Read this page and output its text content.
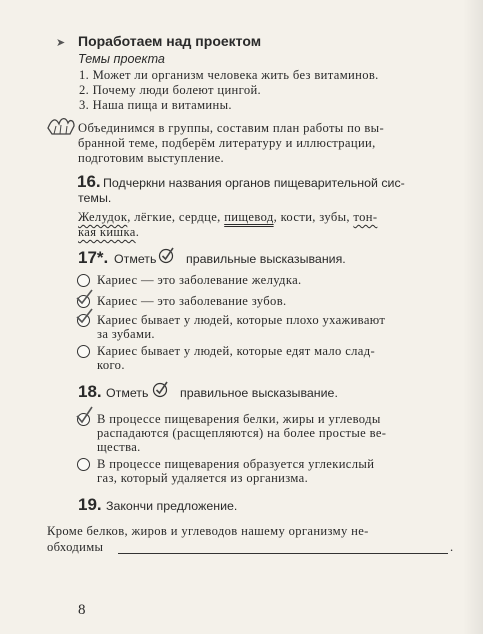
➤ Поработаем над проектом
Темы проекта
1. Может ли организм человека жить без витаминов.
2. Почему люди болеют цингой.
3. Наша пища и витамины.
Объединимся в группы, составим план работы по вы-
бранной теме, подберём литературу и иллюстрации,
подготовим выступление.
16. Подчеркни названия органов пищеварительной сис-
темы.
Желудок, лёгкие, сердце, пищевод, кости, зубы, тон-
кая кишка.
17*. Отметь правильные высказывания.
Кариес — это заболевание желудка.
Кариес — это заболевание зубов.
Кариес бывает у людей, которые плохо ухаживают
за зубами.
Кариес бывает у людей, которые едят мало слад-
кого.
18. Отметь	правильное высказывание.
В процессе пищеварения белки, жиры и углеводы
распадаются (расщепляются) на более простые ве-
щества.
В процессе пищеварения образуется углекислый
газ, который удаляется из организма.
19. Закончи предложение.
Кроме белков, жиров и углеводов нашему организму не-
обходимы	.
8
